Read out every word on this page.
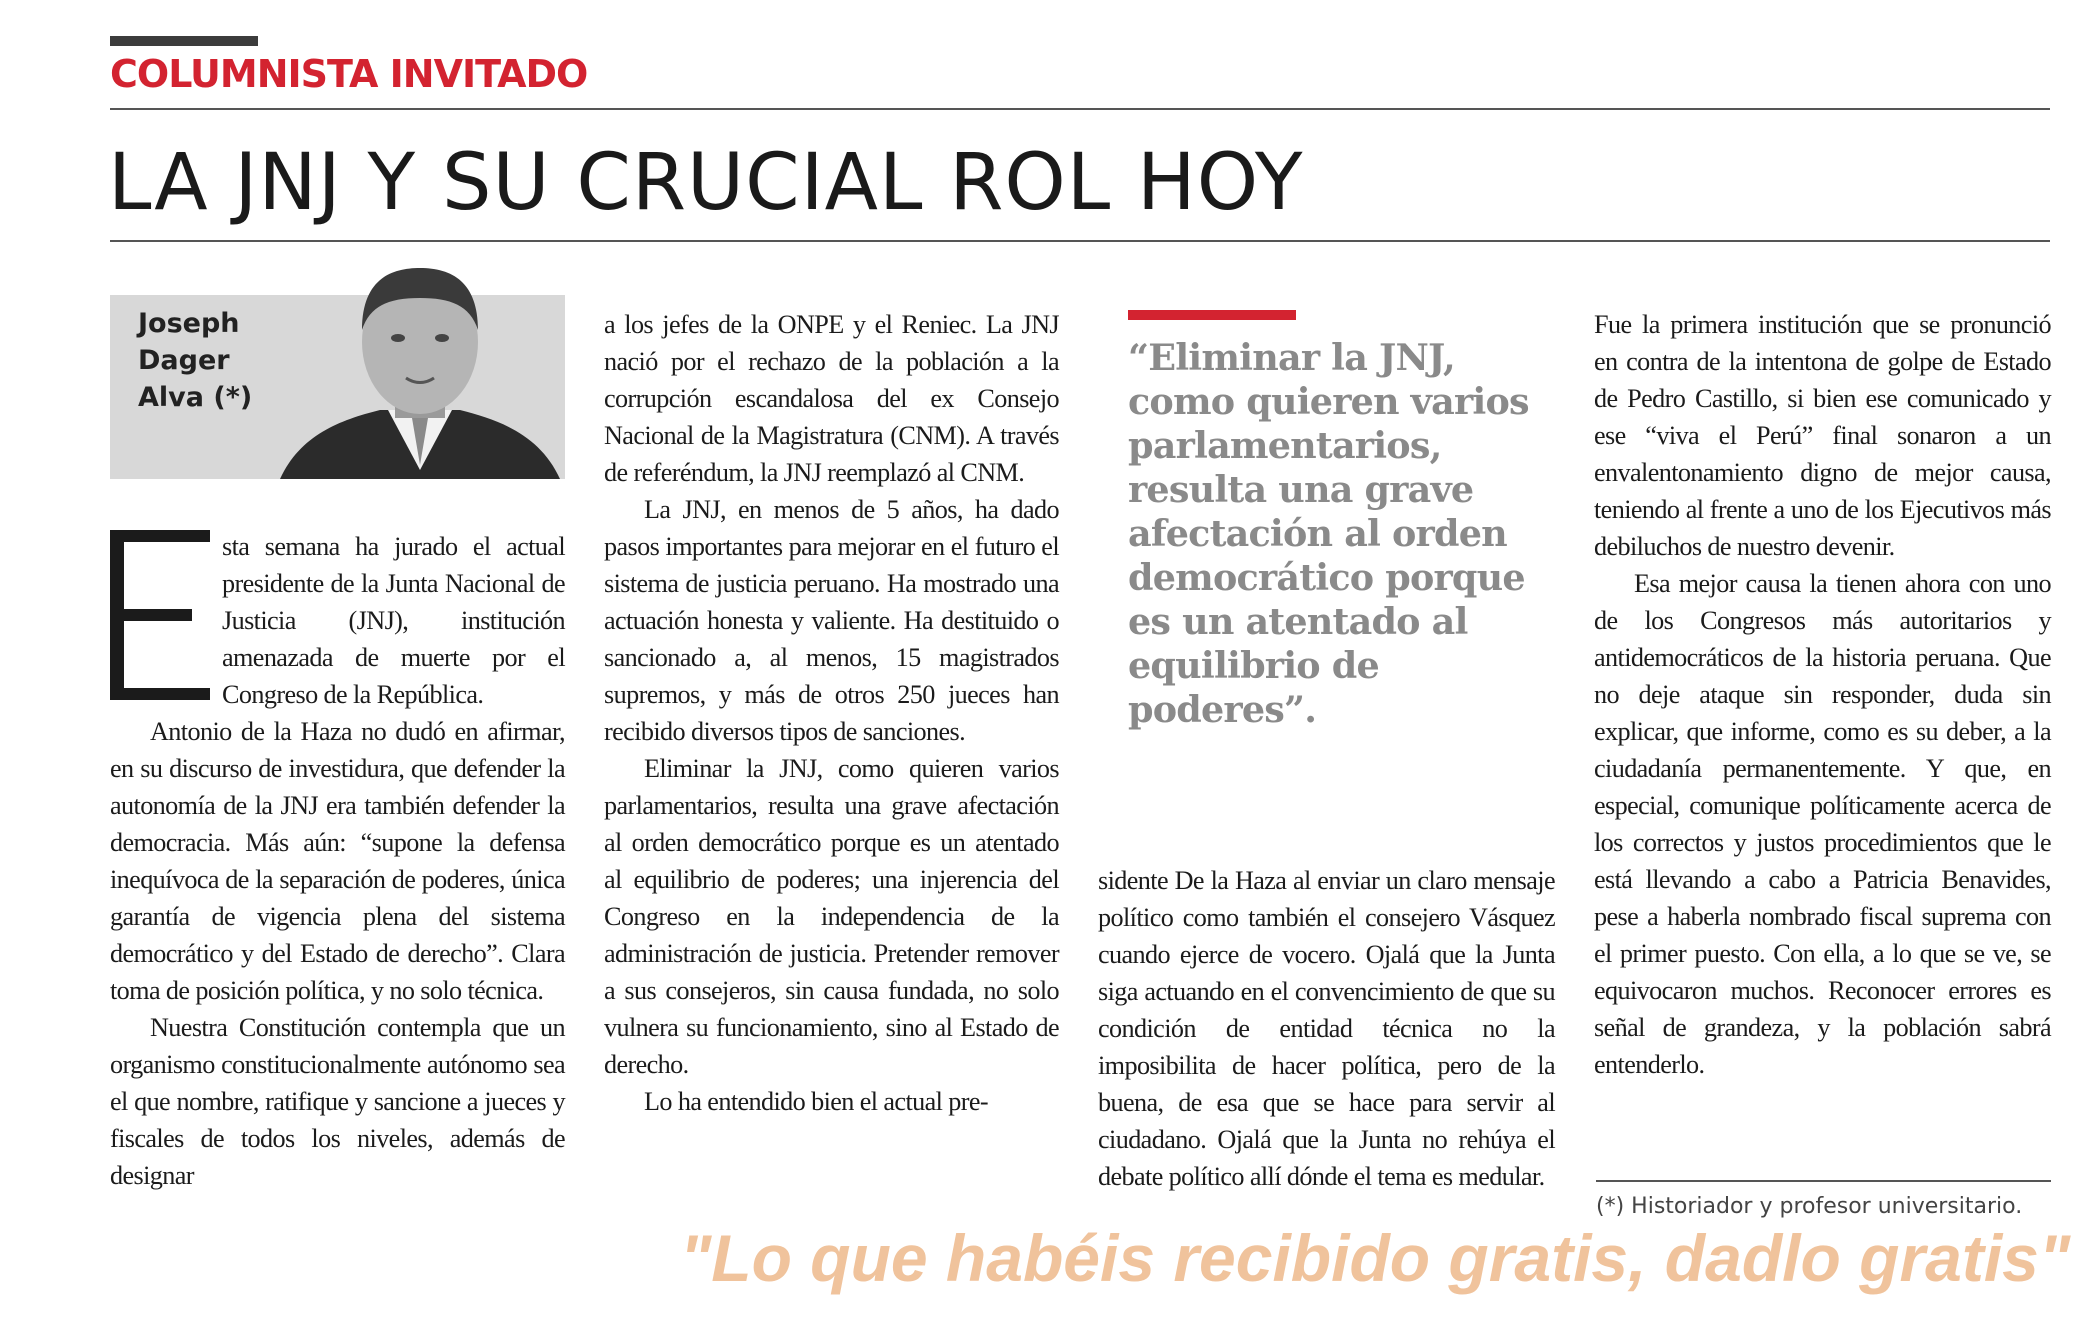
COLUMNISTA INVITADO
LA JNJ Y SU CRUCIAL ROL HOY
Joseph
Dager
Alva (*)
E
sta semana ha jurado el actual presidente de la Junta Nacional de Justicia (JNJ), institución amenazada de muerte por el Congreso de la República.

Antonio de la Haza no dudó en afirmar, en su discurso de investidura, que defender la autonomía de la JNJ era también defender la democracia. Más aún: “supone la defensa inequívoca de la separación de poderes, única garantía de vigencia plena del sistema democrático y del Estado de derecho”. Clara toma de posición política, y no solo técnica.

Nuestra Constitución contempla que un organismo constitucionalmente autónomo sea el que nombre, ratifique y sancione a jueces y fiscales de todos los niveles, además de designar

a los jefes de la ONPE y el Reniec. La JNJ nació por el rechazo de la población a la corrupción escandalosa del ex Consejo Nacional de la Magistratura (CNM). A través de referéndum, la JNJ reemplazó al CNM.

La JNJ, en menos de 5 años, ha dado pasos importantes para mejorar en el futuro el sistema de justicia peruano. Ha mostrado una actuación honesta y valiente. Ha destituido o sancionado a, al menos, 15 magistrados supremos, y más de otros 250 jueces han recibido diversos tipos de sanciones.

Eliminar la JNJ, como quieren varios parlamentarios, resulta una grave afectación al orden democrático porque es un atentado al equilibrio de poderes; una injerencia del Congreso en la independencia de la administración de justicia. Pretender remover a sus consejeros, sin causa fundada, no solo vulnera su funcionamiento, sino al Estado de derecho.

Lo ha entendido bien el actual pre-

“Eliminar la JNJ, como quieren varios parlamentarios, resulta una grave afectación al orden democrático porque es un atentado al equilibrio de poderes”.

sidente De la Haza al enviar un claro mensaje político como también el consejero Vásquez cuando ejerce de vocero. Ojalá que la Junta siga actuando en el convencimiento de que su condición de entidad técnica no la imposibilita de hacer política, pero de la buena, de esa que se hace para servir al ciudadano. Ojalá que la Junta no rehúya el debate político allí dónde el tema es medular.

Fue la primera institución que se pronunció en contra de la intentona de golpe de Estado de Pedro Castillo, si bien ese comunicado y ese “viva el Perú” final sonaron a un envalentonamiento digno de mejor causa, teniendo al frente a uno de los Ejecutivos más debiluchos de nuestro devenir.

Esa mejor causa la tienen ahora con uno de los Congresos más autoritarios y antidemocráticos de la historia peruana. Que no deje ataque sin responder, duda sin explicar, que informe, como es su deber, a la ciudadanía permanentemente. Y que, en especial, comunique políticamente acerca de los correctos y justos procedimientos que le está llevando a cabo a Patricia Benavides, pese a haberla nombrado fiscal suprema con el primer puesto. Con ella, a lo que se ve, se equivocaron muchos. Reconocer errores es señal de grandeza, y la población sabrá entenderlo.

(*) Historiador y profesor universitario.
"Lo que habéis recibido gratis, dadlo gratis"
